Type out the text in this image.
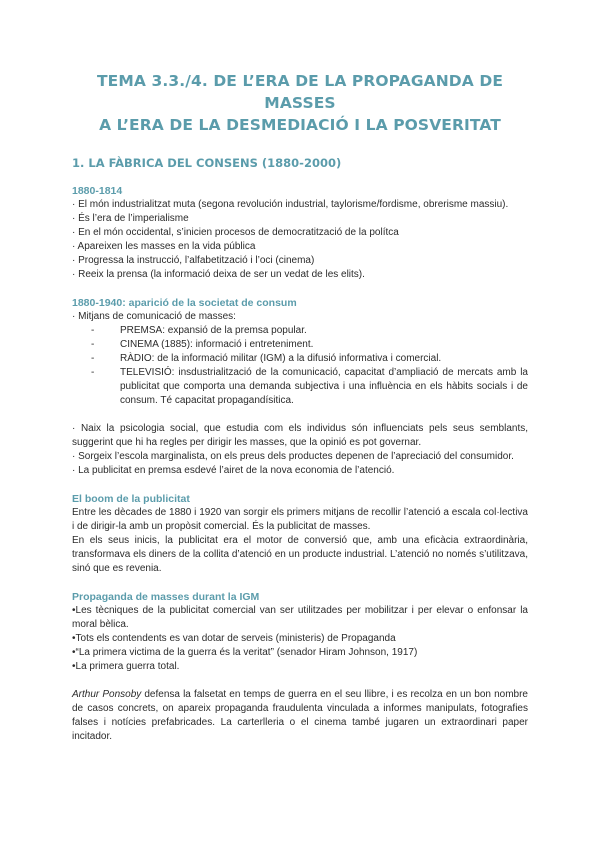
TEMA 3.3./4. DE L’ERA DE LA PROPAGANDA DE MASSES
A L’ERA DE LA DESMEDIACIÓ I LA POSVERITAT
1. LA FÀBRICA DEL CONSENS (1880-2000)
1880-1814

· El món industrialitzat muta (segona revolución industrial, taylorisme/fordisme, obrerisme massiu).

· És l’era de l’imperialisme

· En el món occidental, s’inicien procesos de democratització de la polítca

· Apareixen les masses en la vida pública

· Progressa la instrucció, l’alfabetització i l’oci (cinema)

· Reeix la prensa (la informació deixa de ser un vedat de les elits).

1880-1940: aparició de la societat de consum

· Mitjans de comunicació de masses:

-	PREMSA: expansió de la premsa popular.
-	CINEMA (1885): informació i entreteniment.
-	RÀDIO: de la informació militar (IGM) a la difusió informativa i comercial.
-	TELEVISIÓ: insdustrialització de la comunicació, capacitat d’ampliació de mercats amb la publicitat que comporta una demanda subjectiva i una influència en els hàbits socials i de consum. Té capacitat propagandísitica.

· Naix la psicologia social, que estudia com els individus són influenciats pels seus semblants, suggerint que hi ha regles per dirigir les masses, que la opinió es pot governar.

· Sorgeix l’escola marginalista, on els preus dels productes depenen de l’apreciació del consumidor.

· La publicitat en premsa esdevé l’airet de la nova economia de l’atenció.

El boom de la publicitat

Entre les dècades de 1880 i 1920 van sorgir els primers mitjans de recollir l’atenció a escala col·lectiva i de dirigir-la amb un propòsit comercial. És la publicitat de masses.

En els seus inicis, la publicitat era el motor de conversió que, amb una eficàcia extraordinària, transformava els diners de la collita d’atenció en un producte industrial. L’atenció no només s’utilitzava, sinó que es revenia.

Propaganda de masses durant la IGM

•Les tècniques de la publicitat comercial van ser utilitzades per mobilitzar i per elevar o enfonsar la moral bèlica.

•Tots els contendents es van dotar de serveis (ministeris) de Propaganda

•“La primera victima de la guerra és la veritat” (senador Hiram Johnson, 1917)

•La primera guerra total.

Arthur Ponsoby defensa la falsetat en temps de guerra en el seu llibre, i es recolza en un bon nombre de casos concrets, on apareix propaganda fraudulenta vinculada a informes manipulats, fotografies falses i notícies prefabricades. La carterlleria o el cinema també jugaren un extraordinari paper incitador.
